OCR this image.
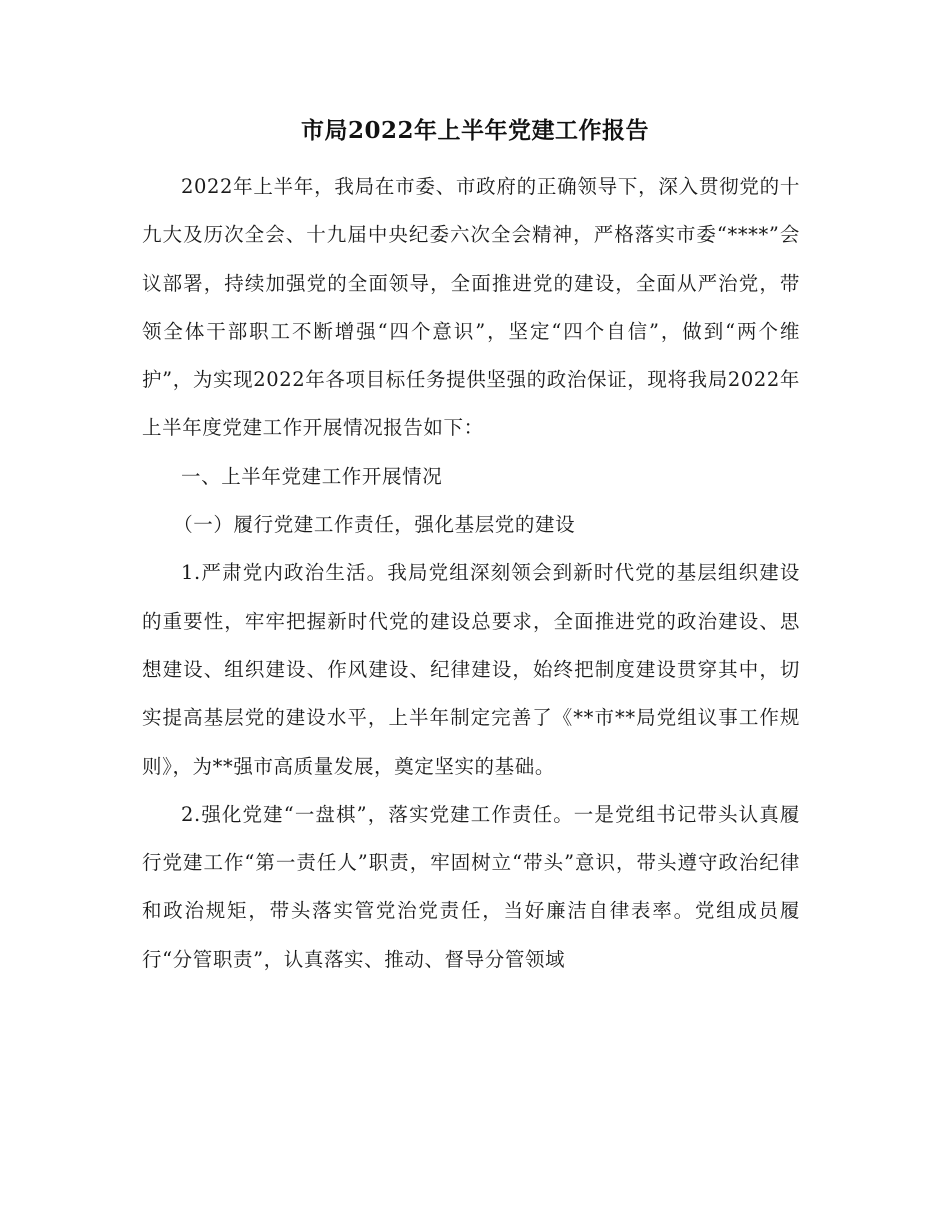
市局2022年上半年党建工作报告

2022年上半年，我局在市委、市政府的正确领导下，深入贯彻党的十九大及历次全会、十九届中央纪委六次全会精神，严格落实市委“****”会议部署，持续加强党的全面领导，全面推进党的建设，全面从严治党，带领全体干部职工不断增强“四个意识”，坚定“四个自信”，做到“两个维护”，为实现2022年各项目标任务提供坚强的政治保证，现将我局2022年上半年度党建工作开展情况报告如下：

一、上半年党建工作开展情况

（一）履行党建工作责任，强化基层党的建设

1.严肃党内政治生活。我局党组深刻领会到新时代党的基层组织建设的重要性，牢牢把握新时代党的建设总要求，全面推进党的政治建设、思想建设、组织建设、作风建设、纪律建设，始终把制度建设贯穿其中，切实提高基层党的建设水平，上半年制定完善了《**市**局党组议事工作规则》，为**强市高质量发展，奠定坚实的基础。

2.强化党建“一盘棋”，落实党建工作责任。一是党组书记带头认真履行党建工作“第一责任人”职责，牢固树立“带头”意识，带头遵守政治纪律和政治规矩，带头落实管党治党责任，当好廉洁自律表率。党组成员履行“分管职责”，认真落实、推动、督导分管领域
